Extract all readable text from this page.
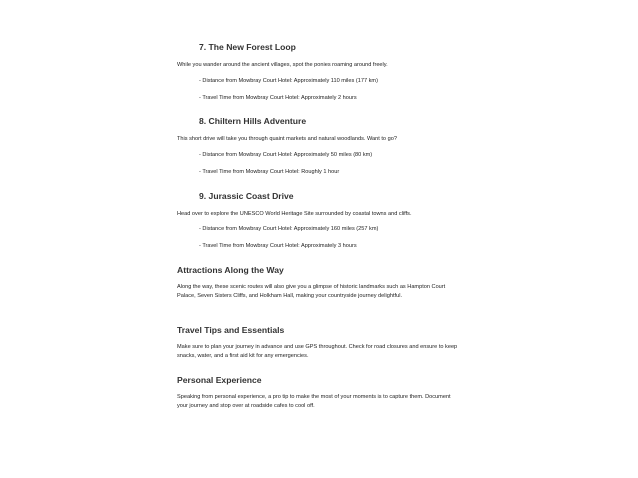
7. The New Forest Loop

While you wander around the ancient villages, spot the ponies roaming around freely.

- Distance from Mowbray Court Hotel: Approximately 110 miles (177 km)

- Travel Time from Mowbray Court Hotel: Approximately 2 hours

8. Chiltern Hills Adventure

This short drive will take you through quaint markets and natural woodlands. Want to go?

- Distance from Mowbray Court Hotel: Approximately 50 miles (80 km)

- Travel Time from Mowbray Court Hotel: Roughly 1 hour

9. Jurassic Coast Drive

Head over to explore the UNESCO World Heritage Site surrounded by coastal towns and cliffs.

- Distance from Mowbray Court Hotel: Approximately 160 miles (257 km)

- Travel Time from Mowbray Court Hotel: Approximately 3 hours

Attractions Along the Way

Along the way, these scenic routes will also give you a glimpse of historic landmarks such as Hampton Court Palace, Seven Sisters Cliffs, and Holkham Hall, making your countryside journey delightful.

Travel Tips and Essentials

Make sure to plan your journey in advance and use GPS throughout. Check for road closures and ensure to keep snacks, water, and a first aid kit for any emergencies.

Personal Experience

Speaking from personal experience, a pro tip to make the most of your moments is to capture them. Document your journey and stop over at roadside cafes to cool off.
